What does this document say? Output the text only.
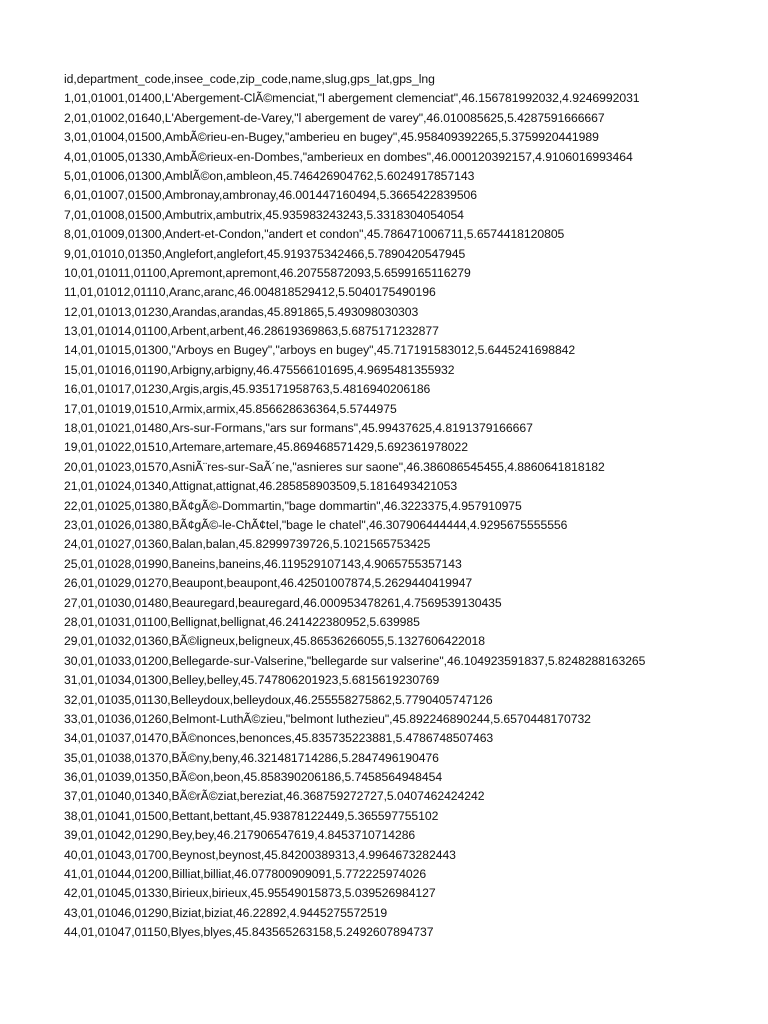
id,department_code,insee_code,zip_code,name,slug,gps_lat,gps_lng
1,01,01001,01400,L'Abergement-ClÃ©menciat,"l abergement clemenciat",46.156781992032,4.9246992031
2,01,01002,01640,L'Abergement-de-Varey,"l abergement de varey",46.010085625,5.4287591666667
3,01,01004,01500,AmbÃ©rieu-en-Bugey,"amberieu en bugey",45.958409392265,5.3759920441989
4,01,01005,01330,AmbÃ©rieux-en-Dombes,"amberieux en dombes",46.000120392157,4.9106016993464
5,01,01006,01300,AmblÃ©on,ambleon,45.746426904762,5.6024917857143
6,01,01007,01500,Ambronay,ambronay,46.001447160494,5.3665422839506
7,01,01008,01500,Ambutrix,ambutrix,45.935983243243,5.3318304054054
8,01,01009,01300,Andert-et-Condon,"andert et condon",45.786471006711,5.6574418120805
9,01,01010,01350,Anglefort,anglefort,45.919375342466,5.7890420547945
10,01,01011,01100,Apremont,apremont,46.20755872093,5.6599165116279
11,01,01012,01110,Aranc,aranc,46.004818529412,5.5040175490196
12,01,01013,01230,Arandas,arandas,45.891865,5.493098030303
13,01,01014,01100,Arbent,arbent,46.28619369863,5.6875171232877
14,01,01015,01300,"Arboys en Bugey","arboys en bugey",45.717191583012,5.6445241698842
15,01,01016,01190,Arbigny,arbigny,46.475566101695,4.9695481355932
16,01,01017,01230,Argis,argis,45.935171958763,5.4816940206186
17,01,01019,01510,Armix,armix,45.856628636364,5.5744975
18,01,01021,01480,Ars-sur-Formans,"ars sur formans",45.99437625,4.8191379166667
19,01,01022,01510,Artemare,artemare,45.869468571429,5.692361978022
20,01,01023,01570,AsniÃ¨res-sur-SaÃ´ne,"asnieres sur saone",46.386086545455,4.8860641818182
21,01,01024,01340,Attignat,attignat,46.285858903509,5.1816493421053
22,01,01025,01380,BÃ¢gÃ©-Dommartin,"bage dommartin",46.3223375,4.957910975
23,01,01026,01380,BÃ¢gÃ©-le-ChÃ¢tel,"bage le chatel",46.307906444444,4.9295675555556
24,01,01027,01360,Balan,balan,45.82999739726,5.1021565753425
25,01,01028,01990,Baneins,baneins,46.119529107143,4.9065755357143
26,01,01029,01270,Beaupont,beaupont,46.42501007874,5.2629440419947
27,01,01030,01480,Beauregard,beauregard,46.000953478261,4.7569539130435
28,01,01031,01100,Bellignat,bellignat,46.241422380952,5.639985
29,01,01032,01360,BÃ©ligneux,beligneux,45.86536266055,5.1327606422018
30,01,01033,01200,Bellegarde-sur-Valserine,"bellegarde sur valserine",46.104923591837,5.8248288163265
31,01,01034,01300,Belley,belley,45.747806201923,5.6815619230769
32,01,01035,01130,Belleydoux,belleydoux,46.255558275862,5.7790405747126
33,01,01036,01260,Belmont-LuthÃ©zieu,"belmont luthezieu",45.892246890244,5.6570448170732
34,01,01037,01470,BÃ©nonces,benonces,45.835735223881,5.4786748507463
35,01,01038,01370,BÃ©ny,beny,46.321481714286,5.2847496190476
36,01,01039,01350,BÃ©on,beon,45.858390206186,5.7458564948454
37,01,01040,01340,BÃ©rÃ©ziat,bereziat,46.368759272727,5.0407462424242
38,01,01041,01500,Bettant,bettant,45.93878122449,5.365597755102
39,01,01042,01290,Bey,bey,46.217906547619,4.8453710714286
40,01,01043,01700,Beynost,beynost,45.84200389313,4.9964673282443
41,01,01044,01200,Billiat,billiat,46.077800909091,5.772225974026
42,01,01045,01330,Birieux,birieux,45.95549015873,5.039526984127
43,01,01046,01290,Biziat,biziat,46.22892,4.9445275572519
44,01,01047,01150,Blyes,blyes,45.843565263158,5.2492607894737
